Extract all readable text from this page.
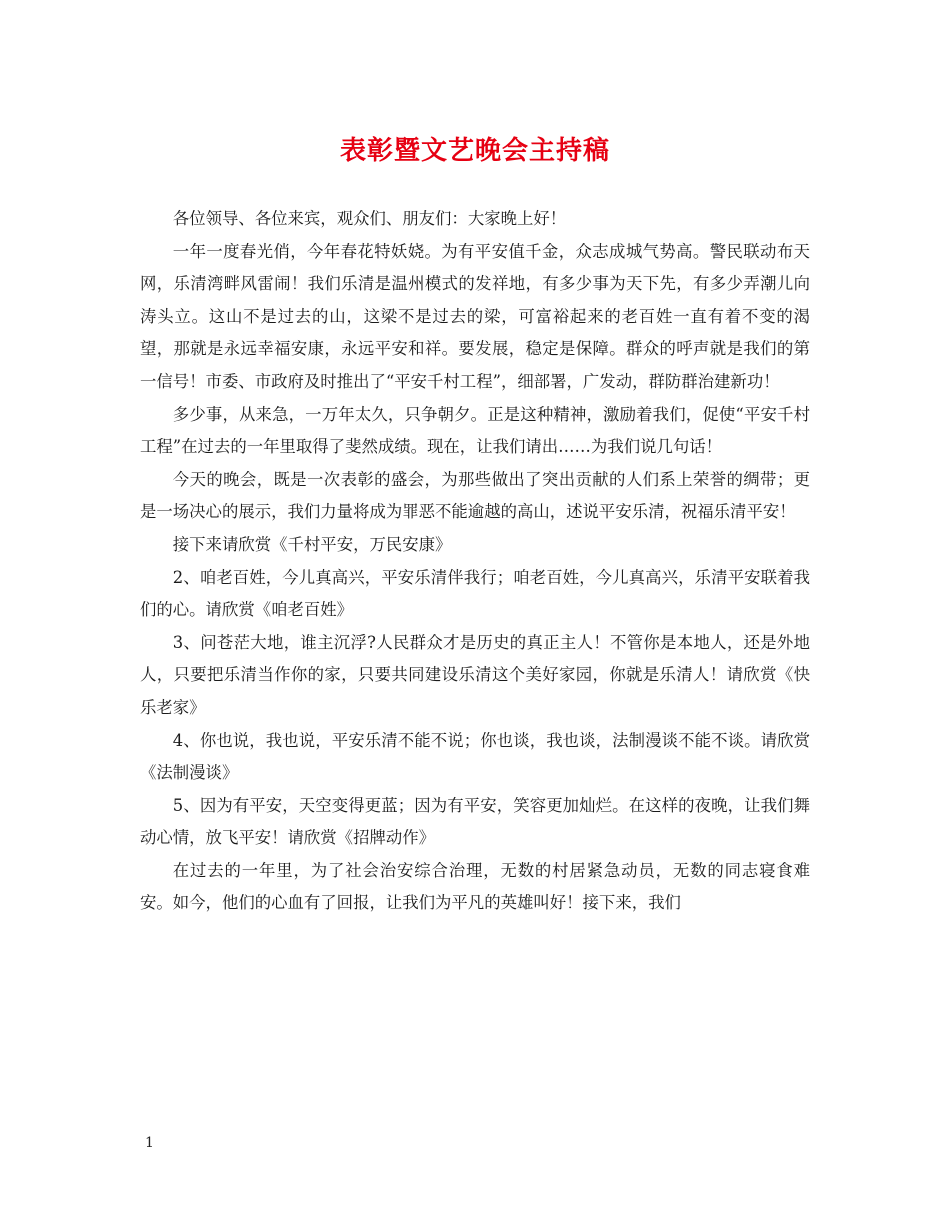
表彰暨文艺晚会主持稿

各位领导、各位来宾，观众们、朋友们：大家晚上好！

一年一度春光俏，今年春花特妖娆。为有平安值千金，众志成城气势高。警民联动布天网，乐清湾畔风雷闹！我们乐清是温州模式的发祥地，有多少事为天下先，有多少弄潮儿向涛头立。这山不是过去的山，这梁不是过去的梁，可富裕起来的老百姓一直有着不变的渴望，那就是永远幸福安康，永远平安和祥。要发展，稳定是保障。群众的呼声就是我们的第一信号！市委、市政府及时推出了“平安千村工程”，细部署，广发动，群防群治建新功！

多少事，从来急，一万年太久，只争朝夕。正是这种精神，激励着我们，促使“平安千村工程”在过去的一年里取得了斐然成绩。现在，让我们请出……为我们说几句话！

今天的晚会，既是一次表彰的盛会，为那些做出了突出贡献的人们系上荣誉的绸带；更是一场决心的展示，我们力量将成为罪恶不能逾越的高山，述说平安乐清，祝福乐清平安！

接下来请欣赏《千村平安，万民安康》

2、咱老百姓，今儿真高兴，平安乐清伴我行；咱老百姓，今儿真高兴，乐清平安联着我们的心。请欣赏《咱老百姓》

3、问苍茫大地，谁主沉浮?人民群众才是历史的真正主人！不管你是本地人，还是外地人，只要把乐清当作你的家，只要共同建设乐清这个美好家园，你就是乐清人！请欣赏《快乐老家》

4、你也说，我也说，平安乐清不能不说；你也谈，我也谈，法制漫谈不能不谈。请欣赏《法制漫谈》

5、因为有平安，天空变得更蓝；因为有平安，笑容更加灿烂。在这样的夜晚，让我们舞动心情，放飞平安！请欣赏《招牌动作》

在过去的一年里，为了社会治安综合治理，无数的村居紧急动员，无数的同志寝食难安。如今，他们的心血有了回报，让我们为平凡的英雄叫好！接下来，我们

1
